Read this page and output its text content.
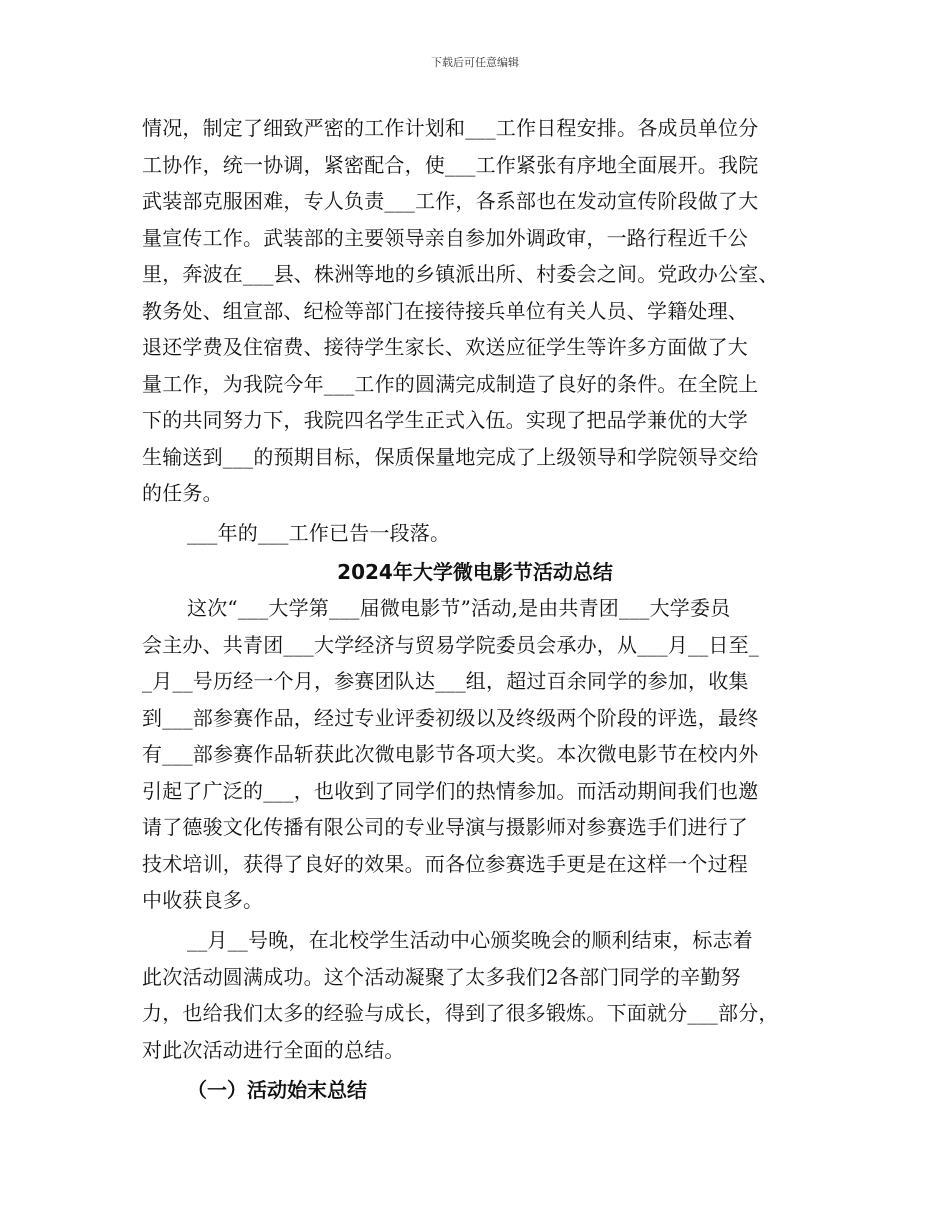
下载后可任意编辑
情况，制定了细致严密的工作计划和___工作日程安排。各成员单位分
工协作，统一协调，紧密配合，使___工作紧张有序地全面展开。我院
武装部克服困难，专人负责___工作，各系部也在发动宣传阶段做了大
量宣传工作。武装部的主要领导亲自参加外调政审，一路行程近千公
里，奔波在___县、株洲等地的乡镇派出所、村委会之间。党政办公室、
教务处、组宣部、纪检等部门在接待接兵单位有关人员、学籍处理、
退还学费及住宿费、接待学生家长、欢送应征学生等许多方面做了大
量工作，为我院今年___工作的圆满完成制造了良好的条件。在全院上
下的共同努力下，我院四名学生正式入伍。实现了把品学兼优的大学
生输送到___的预期目标，保质保量地完成了上级领导和学院领导交给
的任务。
___年的___工作已告一段落。
2024年大学微电影节活动总结
这次“___大学第___届微电影节”活动,是由共青团___大学委员
会主办、共青团___大学经济与贸易学院委员会承办，从___月__日至_
_月__号历经一个月，参赛团队达___组，超过百余同学的参加，收集
到___部参赛作品，经过专业评委初级以及终级两个阶段的评选，最终
有___部参赛作品斩获此次微电影节各项大奖。本次微电影节在校内外
引起了广泛的___，也收到了同学们的热情参加。而活动期间我们也邀
请了德骏文化传播有限公司的专业导演与摄影师对参赛选手们进行了
技术培训，获得了良好的效果。而各位参赛选手更是在这样一个过程
中收获良多。
__月__号晚，在北校学生活动中心颁奖晚会的顺利结束，标志着
此次活动圆满成功。这个活动凝聚了太多我们2各部门同学的辛勤努
力，也给我们太多的经验与成长，得到了很多锻炼。下面就分___部分，
对此次活动进行全面的总结。
（一）活动始末总结
